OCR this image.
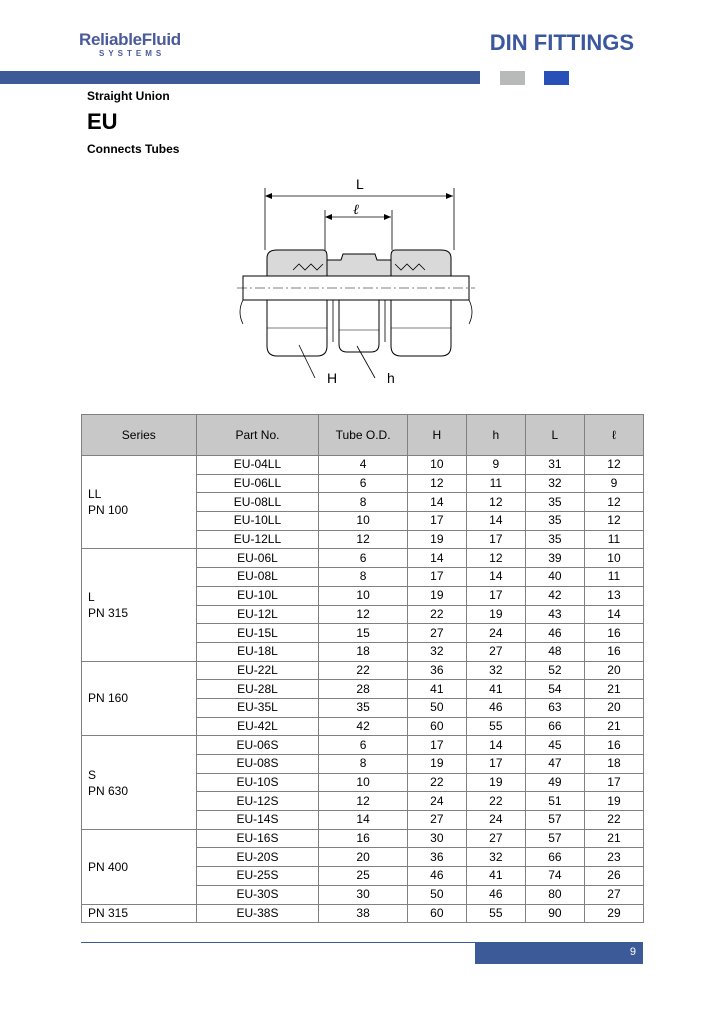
ReliableFluid
SYSTEMS	DIN FITTINGS
Straight Union
EU
Connects Tubes
L
ℓ
H	h
Series	Part No.	Tube O.D.	H	h	L	ℓ

LL
PN 100	EU-04LL	4	10	9	31	12
	EU-06LL	6	12	11	32	9
	EU-08LL	8	14	12	35	12
	EU-10LL	10	17	14	35	12
	EU-12LL	12	19	17	35	11

L
PN 315	EU-06L	6	14	12	39	10
	EU-08L	8	17	14	40	11
	EU-10L	10	19	17	42	13
	EU-12L	12	22	19	43	14
	EU-15L	15	27	24	46	16
	EU-18L	18	32	27	48	16

PN 160	EU-22L	22	36	32	52	20
	EU-28L	28	41	41	54	21
	EU-35L	35	50	46	63	20
	EU-42L	42	60	55	66	21

S
PN 630	EU-06S	6	17	14	45	16
	EU-08S	8	19	17	47	18
	EU-10S	10	22	19	49	17
	EU-12S	12	24	22	51	19
	EU-14S	14	27	24	57	22

PN 400	EU-16S	16	30	27	57	21
	EU-20S	20	36	32	66	23
	EU-25S	25	46	41	74	26
	EU-30S	30	50	46	80	27

PN 315	EU-38S	38	60	55	90	29
9
